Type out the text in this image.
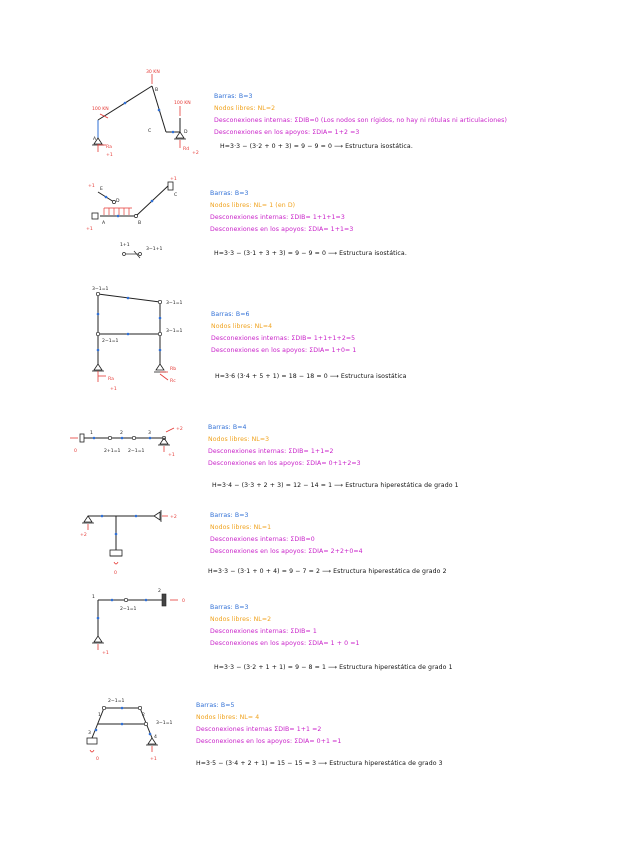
30 KN
100 KN
100 KN
B
C
A
D
Ra	Rd
+2
+1
Barras: B=3
Nodos libres: NL=2
Desconexiones internas: ΣDIB=0 (Los nodos son rígidos, no hay ni rótulas ni articulaciones)
Desconexiones en los apoyos: ΣDIA= 1+2 =3
H=3·3 − (3·2 + 0 + 3) = 9 − 9 = 0 ⟶ Estructura isostática.
+1
+1
+1
1+1
3−1+1
A	B
C
D
E
Barras: B=3
Nodos libres: NL= 1 (en D)
Desconexiones internas: ΣDIB= 1+1+1=3
Desconexiones en los apoyos: ΣDIA= 1+1=3
H=3·3 − (3·1 + 3 + 3) = 9 − 9 = 0 ⟶ Estructura isostática.
3−1=1
3−1=1
3−1=1
2−1=1
Ra
Rb
Rc
+1
Barras: B=6
Nodos libres: NL=4
Desconexiones internas: ΣDIB= 1+1+1+2=5
Desconexiones en los apoyos: ΣDIA= 1+0= 1
H=3·6 (3·4 + 5 + 1) = 18 − 18 = 0 ⟶ Estructura isostática
0	2+1=1 2−1=1
+1
+2
1	2	3
Barras: B=4
Nodos libres: NL=3
Desconexiones internas: ΣDIB= 1+1=2
Desconexiones en los apoyos: ΣDIA= 0+1+2=3
H=3·4 − (3·3 + 2 + 3) = 12 − 14 = 1 ⟶ Estructura hiperestática de grado 1
+2
+2
0
Barras: B=3
Nodos libres: NL=1
Desconexiones internas: ΣDIB=0
Desconexiones en los apoyos: ΣDIA= 2+2+0=4
H=3·3 − (3·1 + 0 + 4) = 9 − 7 = 2 ⟶ Estructura hiperestática de grado 2
1
2−1=1
2
0
+1
Barras: B=3
Nodos libres: NL=2
Desconexiones internas: ΣDIB= 1
Desconexiones en los apoyos: ΣDIA= 1 + 0 =1
H=3·3 − (3·2 + 1 + 1) = 9 − 8 = 1 ⟶ Estructura hiperestática de grado 1
2−1=1
3−1=1
0	+1
1	2
3
4
Barras: B=5
Nodos libres: NL= 4
Desconexiones internas ΣDIB= 1+1 =2
Desconexiones en los apoyos: ΣDIA= 0+1 =1
H=3·5 − (3·4 + 2 + 1) = 15 − 15 = 3 ⟶ Estructura hiperestática de grado 3
